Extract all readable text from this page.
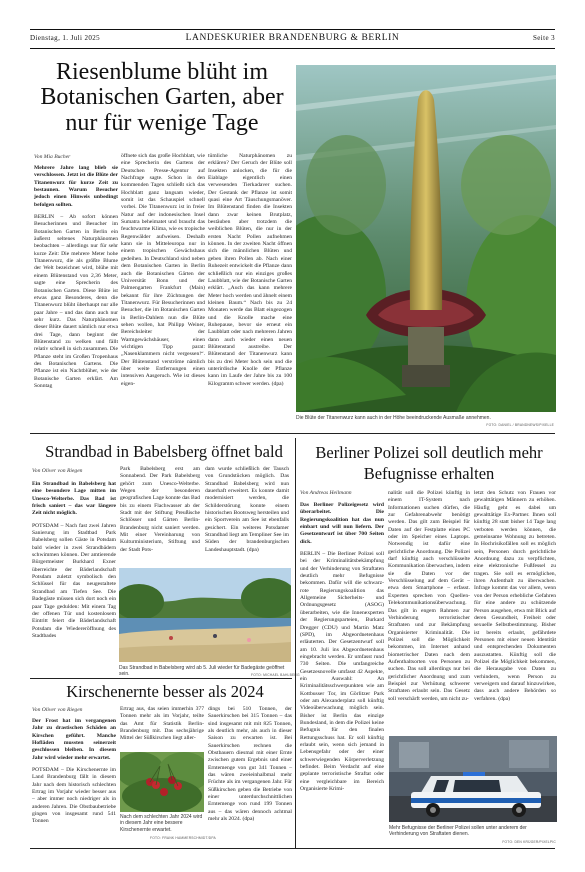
Dienstag, 1. Juli 2025	LANDESKURIER BRANDENBURG & BERLIN	Seite 3
Riesenblume blüht im Botanischen Garten, aber nur für wenige Tage
Von Mia Bucher

Mehrere Jahre lang blieb sie verschlossen. Jetzt ist die Blüte der Titanenwurz für kurze Zeit zu bestaunen. Warum Besucher jedoch einen Hinweis unbedingt befolgen sollten.

BERLIN – Ab sofort können Besucherinnen und Besucher im Botanischen Garten in Berlin ein äußerst seltenes Naturphänomen beobachten – allerdings nur für sehr kurze Zeit: Die mehrere Meter hohe Titanenwurz, die als größte Blume der Welt bezeichnet wird, blühe mit einem Blütenstand von 2,36 Meter, sagte eine Sprecherin des Botanischen Garten. Diese Blüte ist etwas ganz Besonderes, denn die Titanenwurz blüht überhaupt nur alle paar Jahre – und das dann auch nur sehr kurz. Das Naturphänomen dieser Blüte dauert nämlich nur etwa drei Tage, dann beginnt der Blütenstand zu welken und fällt relativ schnell in sich zusammen. Die Pflanze steht im Großen Tropenhaus des Botanischen Gartens. Die Pflanze ist ein Nachtblüher, wie der Botanische Garten erklärt. Am Sonntag

öffnete sich das große Hochblatt, wie eine Sprecherin des Gartens der Deutschen Presse-Agentur auf Nachfrage sagte. Schon in den kommenden Tagen schließt sich das Hochblatt ganz langsam wieder, somit ist das Schauspiel schnell vorbei. Die Titanenwurz ist in freier Natur auf der indonesischen Insel Sumatra beheimatet und braucht das feuchtwarme Klima, wie es tropische Regenwälder aufweisen. Deshalb kann sie in Mitteleuropa nur in einem tropischen Gewächshaus gedeihen. In Deutschland sind neben dem Botanischen Garten in Berlin auch die Botanischen Gärten der Universität Bonn und der Palmengarten Frankfurt (Main) bekannt für ihre Züchtungen der Titanenwurz. Für Besucherinnen und Besucher, die im Botanischen Garten in Berlin-Dahlem nun die Blüte sehen wollen, hat Philipp Weiner, Bereichsleiter der Warmgewächshäuser, einen wichtigen Tipp parat: „Nasenklammern nicht vergessen!“. Der Blütenstand verströme nämlich über weite Entfernungen einen intensiven Aasgeruch. Wie ist dieses eigen-

tümliche Naturphänomen zu erklären? Der Geruch der Blüte soll Insekten anlocken, die für die Eiablage eigentlich einen verwesenden Tierkadaver suchen. Der Gestank der Pflanze ist somit quasi eine Art Täuschungsmanöver. Im Blütenstand finden die Insekten dann zwar keinen Brutplatz, bestäuben aber trotzdem die weiblichen Blüten, die nur in der ersten Nacht Pollen aufnehmen können. In der zweiten Nacht öffnen sich die männlichen Blüten und geben ihren Pollen ab. Nach einer Ruhezeit entwickelt die Pflanze dann schließlich nur ein einziges großes Laubblatt, wie der Botanische Garten erklärt. „Auch das kann mehrere Meter hoch werden und ähnelt einem kleinen Baum.“ Nach bis zu 24 Monaten werde das Blatt eingezogen und die Knolle mache eine Ruhepause, bevor sie erneut ein Laubblatt oder nach mehreren Jahren dann auch wieder einen neuen Blütenstand austreibe. Der Blütenstand der Titanenwurz kann bis zu drei Meter hoch sein und die unterirdische Knolle der Pflanze kann im Laufe der Jahre bis zu 100 Kilogramm schwer werden. (dpa)

Die Blüte der Titanenwurz kann auch in der Höhe beeindruckende Ausmaße annehmen.
FOTO: DANIEL / BRANDNEWS/PIXELLE
Strandbad in Babelsberg öffnet bald
Von Oliver von Riegen

Ein Strandbad in Babelsberg hat eine besondere Lage mitten im Unesco-Welterbe. Das Bad ist frisch saniert – das war längere Zeit nicht möglich.

POTSDAM – Nach fast zwei Jahren Sanierung im Stadtbad Park Babelsberg sollen Gäste in Potsdam bald wieder in zwei Strandbädern schwimmen können. Der amtierende Bürgermeister Burkhard Exner überreichte der Bäderlandschaft Potsdam zuletzt symbolisch den Schlüssel für das neugestaltete Strandbad am Tiefen See. Die Badegäste müssen sich dort noch ein paar Tage gedulden: Mit einem Tag der offenen Tür und kostenlosem Eintritt feiert die Bäderlandschaft Potsdam die Wiedereröffnung des Stadtbades

Park Babelsberg erst am Sonnabend. Der Park Babelsberg gehört zum Unesco-Welterbe. Wegen der besonderen geografischen Lage konnte das Bad bis zu einem Flachwasser ab der Stadt mit der Stiftung Preußische Schlösser und Gärten Berlin-Brandenburg nicht saniert werden. Mit einer Vereinbarung von Kulturministerium, Stiftung und der Stadt Pots-

dam wurde schließlich der Tausch von Grundstücken möglich. Das Strandbad Babelsberg wird nun dauerhaft erweitert. Es konnte damit modernisiert werden, die Schilderstörung konnte einem historischen Bootsweg hersteilen und ein Sportverein am See ist ebenfalls gesichert. Ein weiteres Potsdamer Strandbad liegt am Templiner See im Süden der brandenburgischen Landeshauptstadt. (dpa)

Das Strandbad in Babelsberg wird ab 5. Juli wieder für Badegäste geöffnet sein.	FOTO: MICHAEL BAHLBERG
Berliner Polizei soll deutlich mehr Befugnisse erhalten
Von Andreas Heilmann

Das Berliner Polizeigesetz wird überarbeitet. Die Regierungskoalition hat das nun einbart und will nun liefern. Der Gesetzentwurf ist über 700 Seiten dick.

BERLIN – Die Berliner Polizei soll bei der Kriminalitätsbekämpfung und der Verhinderung von Straftaten deutlich mehr Befugnisse bekommen. Dafür will die schwarz-rote Regierungskoalition das Allgemeine Sicherheits- und Ordnungsgesetz (ASOG) überarbeiten, wie die Innenexperten der Regierungsparteien, Burkard Dregger (CDU) und Martin Matz (SPD), im Abgeordnetenhaus erläuterten. Der Gesetzentwurf soll am 10. Juli ins Abgeordnetenhaus eingebracht werden. Er umfasst rund 730 Seiten. Die umfangreiche Gesetzesnovelle umfasst 42 Aspekte, ein Auswahl: An Kriminalitätsschwerpunkten wie am Kottbusser Tor, im Görlitzer Park oder am Alexanderplatz soll künftig Videoüberwachung möglich sein. Bisher ist Berlin das einzige Bundesland, in dem die Polizei keine Befugnis für den finalen Rettungsschuss hat. Er soll künftig erlaubt sein, wenn sich jemand in Lebensgefahr oder der einer schwerwiegenden Körperverletzung befindet. Beim Verdacht auf eine geplante terroristische Straftat oder eine vergleichbare im Bereich Organisierte Krimi-

nalität soll die Polizei künftig in einem IT-System nach Informationen suchen dürfen, die zur Gefahrenabwehr benötigt werden. Das gilt zum Beispiel für Daten auf der Festplatte eines PC oder im Speicher eines Laptops. Notwendig ist dafür eine gerichtliche Anordnung. Die Polizei darf künftig auch verschlüsselte Kommunikation überwachen, indem sie die Daten vor der Verschlüsselung auf dem Gerät – etwa dem Smartphone – erfasst. Experten sprechen von Quellen-Telekommunikationsüberwachung. Das gilt in engem Rahmen zur Verhinderung terroristischer Straftaten und zur Bekämpfung Organisierter Kriminalität. Die Polizei soll die Möglichkeit bekommen, im Internet anhand biometrischer Daten nach dem Aufenthaltsorten von Personen zu suchen. Das soll allerdings nur bei gerichtlicher Anordnung und zum Beispiel zur Verhütung schwerer Straftaten erlaubt sein. Das Gesetz soll verschärft werden, um nicht zu-

letzt den Schutz von Frauen vor gewalttätigen Männern zu erhöhen. Häufig geht es dabei um gewalttätige Ex-Partner. Ihnen soll künftig 28 statt bisher 14 Tage lang verboten werden können, die gemeinsame Wohnung zu betreten. In Hochrisikofällen soll es möglich sein, Personen durch gerichtliche Anordnung dazu zu verpflichten, eine elektronische Fußfessel zu tragen. Sie soll es ermöglichen, ihren Aufenthalt zu überwachen. Infrage kommt das vor allem, wenn von der Person erhebliche Gefahren für eine andere zu schützende Person ausgehen, etwa mit Blick auf deren Gesundheit, Freiheit oder sexuelle Selbstbestimmung. Bisher ist bereits erlaubt, gefährdete Personen mit einer neuen Identität und entsprechenden Dokumenten auszustatten. Künftig soll die Polizei die Möglichkeit bekommen, die Herausgabe von Daten zu verhindern, wenn Person zu verweigern und darauf hinzuwirken, dass auch andere Behörden so verfahren. (dpa)

Mehr Befugnisse der Berliner Polizei sollen unter anderem der Verhinderung von Straftaten dienen.
FOTO: DEN KRÜGER/PIXELPIC
Kirschenernte besser als 2024
Von Oliver von Riegen

Der Frost hat im vergangenen Jahr zu drastischen Schäden an Kirschen geführt. Manche Hofläden mussten seinerzeit geschlossen bleiben. In diesem Jahr wird wieder mehr erwartet.

POTSDAM – Die Kirschenernte im Land Brandenburg fällt in diesem Jahr nach dem historisch schlechten Ertrag im Vorjahr wieder besser aus – aber immer noch niedriger als in anderen Jahren. Die Obstbaubetriebe gingen von insgesamt rund 541 Tonnen

Ertrag aus, das seien immerhin 377 Tonnen mehr als im Vorjahr, teilte das Amt für Statistik Berlin-Brandenburg mit. Das sechsjährige Mittel der Süßkirschen liegt aller-

dings bei 510 Tonnen, der Sauerkirschen bei 315 Tonnen – das sind insgesamt mit mit 825 Tonnen, als deutlich mehr, als auch in dieser Saison zu erwarten ist. Bei Sauerkirschen rechnen die Obstbauern diesmal mit einer Ernte zwischen gutem Ergebnis und einer Erntemenge von gut 341 Tonnen – das wären zweieinhalbmal mehr Früchte als im vergangenen Jahr. Für Süßkirschen geben die Betriebe von einer unterdurchschnittlichen Erntemenge von rund 199 Tonnen aus – das wären dennoch achtmal mehr als 2024. (dpa)

Nach dem schlechten Jahr 2024 wird in diesem Jahr eine bessere Kirschenernte erwartet.
FOTO: FRANK HAMMERSCHMIDT/DPA
